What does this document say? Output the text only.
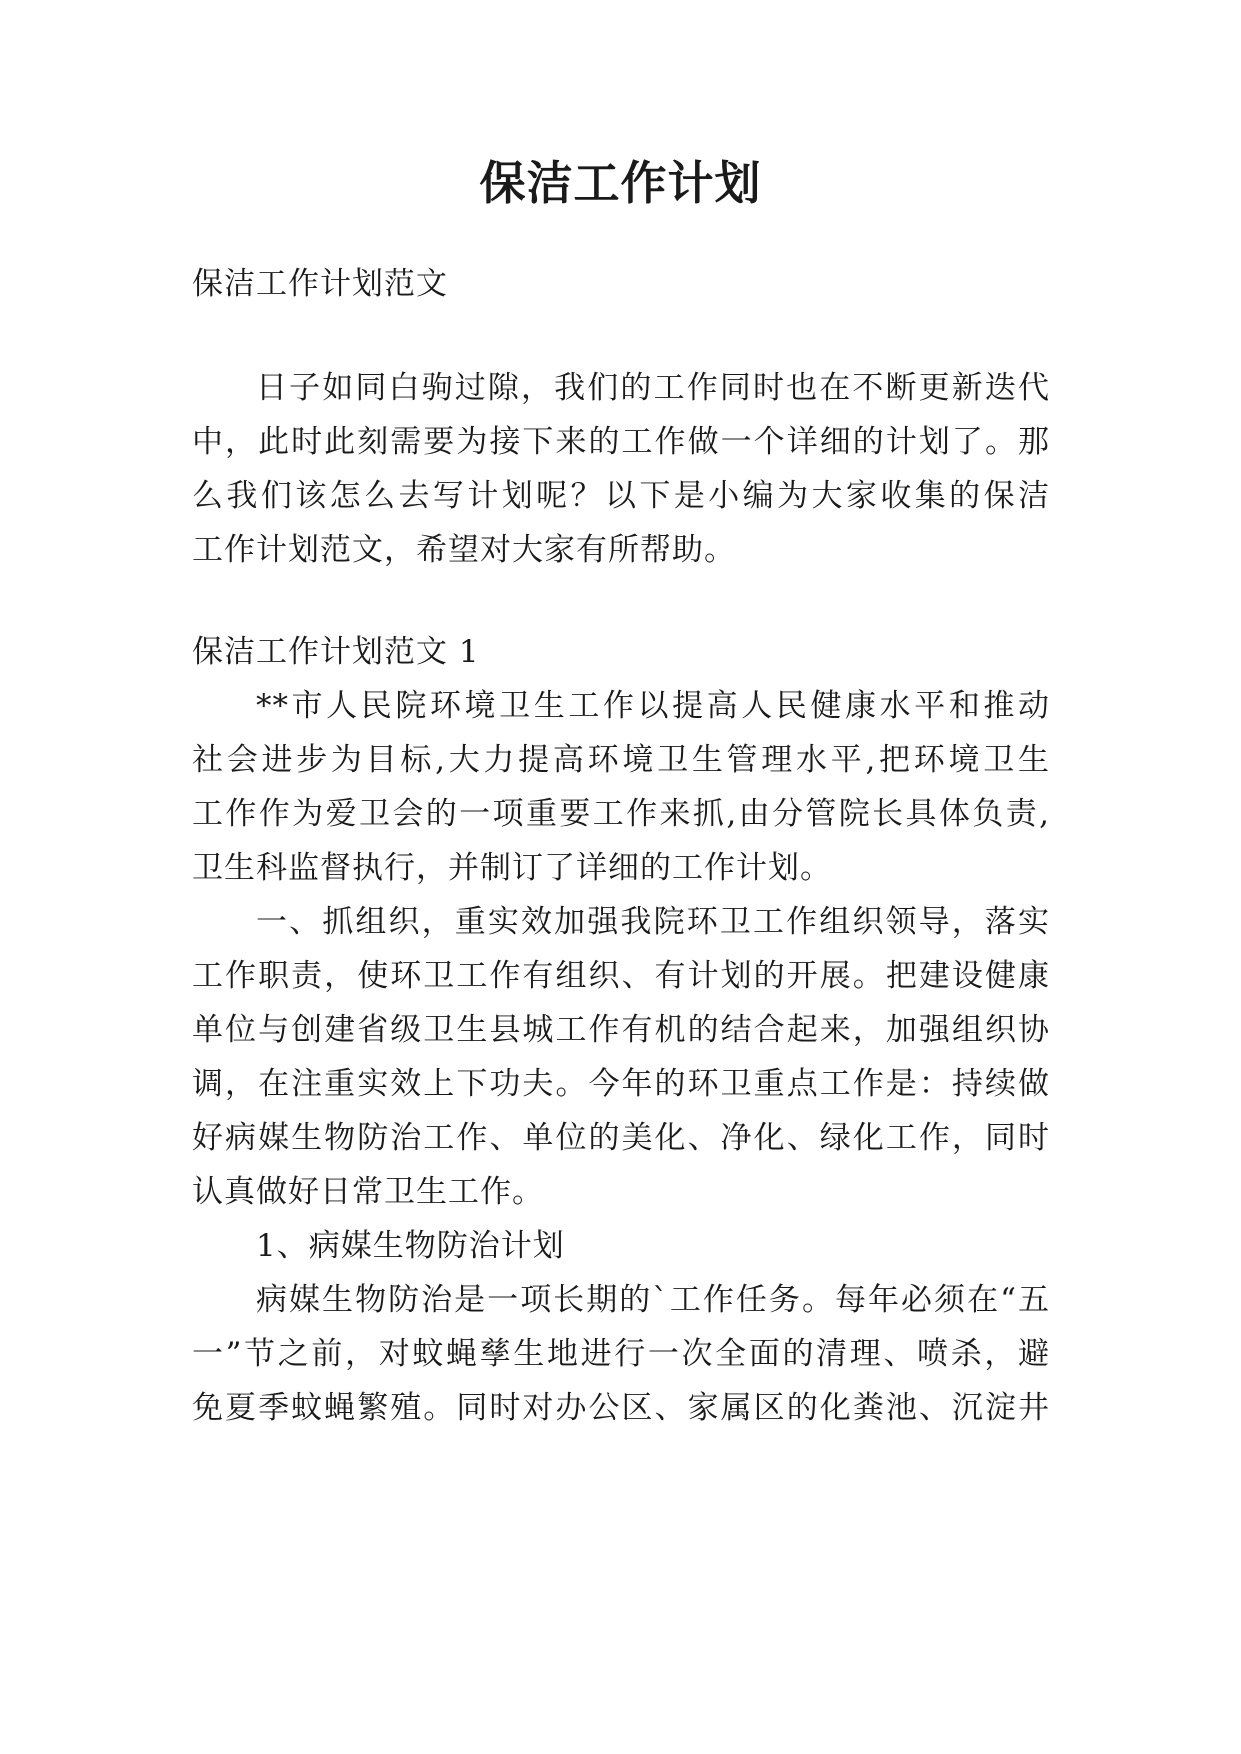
保洁工作计划

保洁工作计划范文

日子如同白驹过隙，我们的工作同时也在不断更新迭代

中，此时此刻需要为接下来的工作做一个详细的计划了。那

么我们该怎么去写计划呢？以下是小编为大家收集的保洁

工作计划范文，希望对大家有所帮助。

保洁工作计划范文 1

**市人民院环境卫生工作以提高人民健康水平和推动

社会进步为目标,大力提高环境卫生管理水平,把环境卫生

工作作为爱卫会的一项重要工作来抓,由分管院长具体负责,

卫生科监督执行，并制订了详细的工作计划。

一、抓组织，重实效加强我院环卫工作组织领导，落实

工作职责，使环卫工作有组织、有计划的开展。把建设健康

单位与创建省级卫生县城工作有机的结合起来，加强组织协

调，在注重实效上下功夫。今年的环卫重点工作是：持续做

好病媒生物防治工作、单位的美化、净化、绿化工作，同时

认真做好日常卫生工作。

1、病媒生物防治计划

病媒生物防治是一项长期的`工作任务。每年必须在“五

一”节之前，对蚊蝇孳生地进行一次全面的清理、喷杀，避

免夏季蚊蝇繁殖。同时对办公区、家属区的化粪池、沉淀井
